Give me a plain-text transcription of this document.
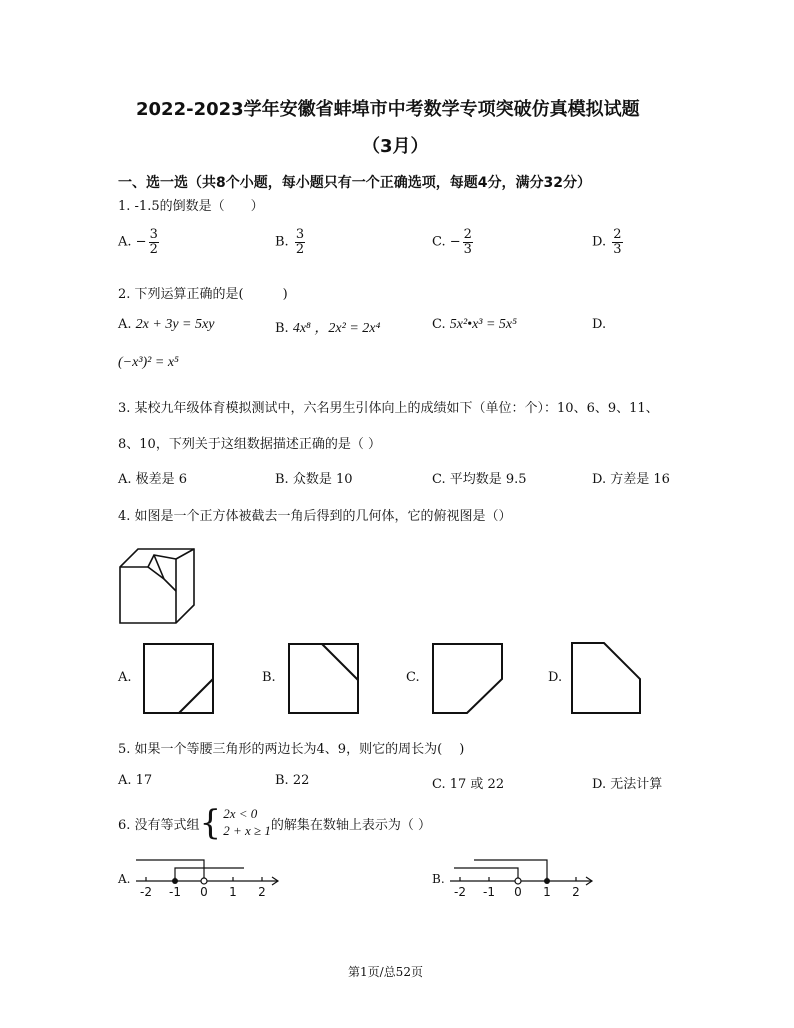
2022-2023学年安徽省蚌埠市中考数学专项突破仿真模拟试题
（3月）
一、选一选（共8个小题，每小题只有一个正确选项，每题4分，满分32分）
1. -1.5的倒数是（　　）
A. − $\frac{3}{2}$	B. $\frac{3}{2}$	C. − $\frac{2}{3}$	D. $\frac{2}{3}$
2. 下列运算正确的是(　　　)
A. 2x + 3y = 5xy	B. 4x⁸ ，2x² = 2x⁴	C. 5x²•x³ = 5x⁵	D.
(−x³)² = x⁵
3. 某校九年级体育模拟测试中，六名男生引体向上的成绩如下（单位：个）：10、6、9、11、
8、10，下列关于这组数据描述正确的是（ ）
A. 极差是 6	B. 众数是 10	C. 平均数是 9.5	D. 方差是 16
4. 如图是一个正方体被截去一角后得到的几何体，它的俯视图是（）
A.	B.	C.	D.
5. 如果一个等腰三角形的两边长为4、9，则它的周长为(　 )
A. 17	B. 22	C. 17 或 22	D. 无法计算
6. 没有等式组 { 2x < 0
2 + x ≥ 1 的解集在数轴上表示为（ ）
A.
-2 -1 0 1 2
B.
-2 -1 0 1 2
第1页/总52页
